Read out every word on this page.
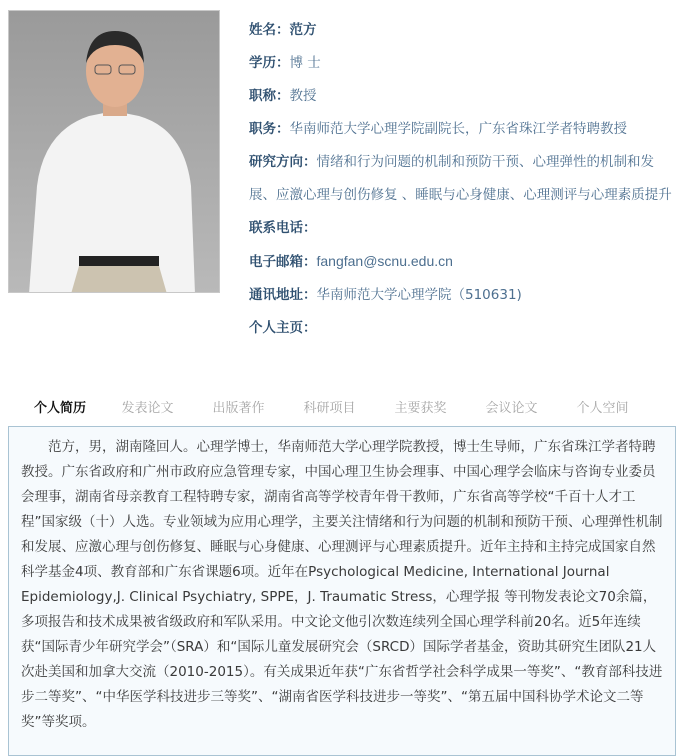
姓名：范方
学历：博 士
职称：教授
职务：华南师范大学心理学院副院长，广东省珠江学者特聘教授
研究方向：情绪和行为问题的机制和预防干预、心理弹性的机制和发展、应激心理与创伤修复 、睡眠与心身健康、心理测评与心理素质提升
联系电话：
电子邮箱：fangfan@scnu.edu.cn
通讯地址：华南师范大学心理学院（510631)
个人主页：
个人简历	发表论文	出版著作	科研项目	主要获奖	会议论文	个人空间

范方，男，湖南隆回人。心理学博士，华南师范大学心理学院教授，博士生导师，广东省珠江学者特聘教授。广东省政府和广州市政府应急管理专家，中国心理卫生协会理事、中国心理学会临床与咨询专业委员会理事，湖南省母亲教育工程特聘专家，湖南省高等学校青年骨干教师，广东省高等学校“千百十人才工程”国家级（十）人选。专业领域为应用心理学，主要关注情绪和行为问题的机制和预防干预、心理弹性机制和发展、应激心理与创伤修复、睡眠与心身健康、心理测评与心理素质提升。近年主持和主持完成国家自然科学基金4项、教育部和广东省课题6项。近年在Psychological Medicine, International Journal Epidemiology,J. Clinical Psychiatry, SPPE，J. Traumatic Stress，心理学报 等刊物发表论文70余篇，多项报告和技术成果被省级政府和军队采用。中文论文他引次数连续列全国心理学科前20名。近5年连续获“国际青少年研究学会”（SRA）和“国际儿童发展研究会（SRCD）国际学者基金，资助其研究生团队21人次赴美国和加拿大交流（2010-2015）。有关成果近年获“广东省哲学社会科学成果一等奖”、“教育部科技进步二等奖”、“中华医学科技进步三等奖”、“湖南省医学科技进步一等奖”、“第五届中国科协学术论文二等奖”等奖项。
